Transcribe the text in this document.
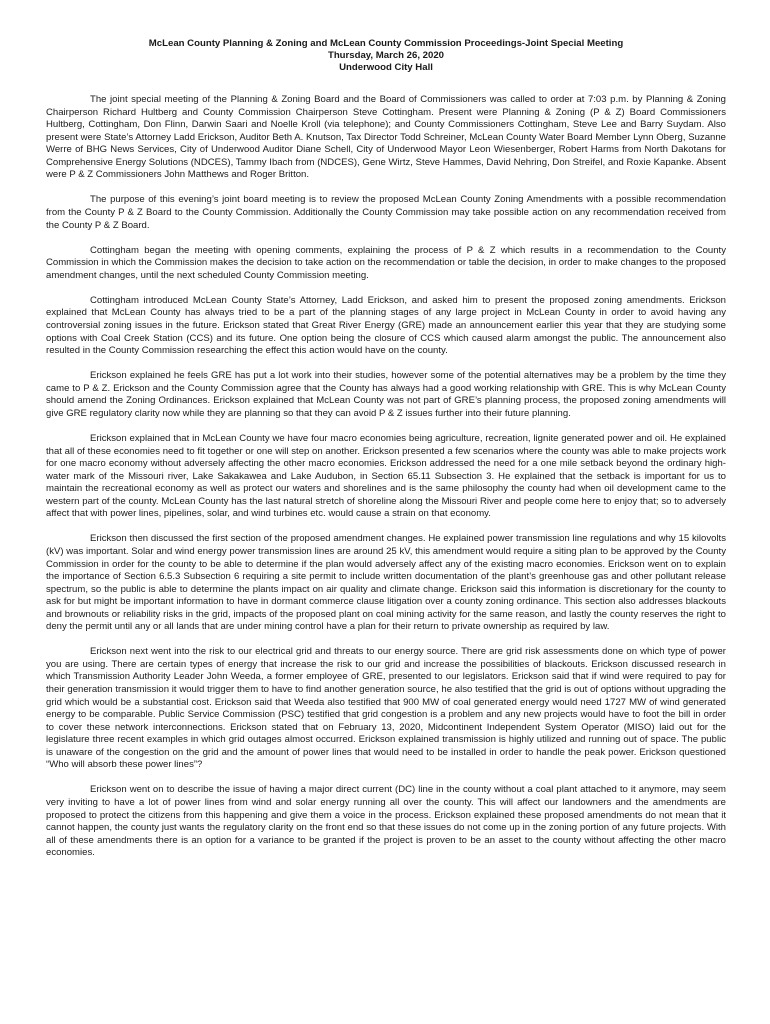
McLean County Planning & Zoning and McLean County Commission Proceedings-Joint Special Meeting
Thursday, March 26, 2020
Underwood City Hall

The joint special meeting of the Planning & Zoning Board and the Board of Commissioners was called to order at 7:03 p.m. by Planning & Zoning Chairperson Richard Hultberg and County Commission Chairperson Steve Cottingham. Present were Planning & Zoning (P & Z) Board Commissioners Hultberg, Cottingham, Don Flinn, Darwin Saari and Noelle Kroll (via telephone); and County Commissioners Cottingham, Steve Lee and Barry Suydam. Also present were State’s Attorney Ladd Erickson, Auditor Beth A. Knutson, Tax Director Todd Schreiner, McLean County Water Board Member Lynn Oberg, Suzanne Werre of BHG News Services, City of Underwood Auditor Diane Schell, City of Underwood Mayor Leon Wiesenberger, Robert Harms from North Dakotans for Comprehensive Energy Solutions (NDCES), Tammy Ibach from (NDCES), Gene Wirtz, Steve Hammes, David Nehring, Don Streifel, and Roxie Kapanke. Absent were P & Z Commissioners John Matthews and Roger Britton.

The purpose of this evening’s joint board meeting is to review the proposed McLean County Zoning Amendments with a possible recommendation from the County P & Z Board to the County Commission. Additionally the County Commission may take possible action on any recommendation received from the County P & Z Board.

Cottingham began the meeting with opening comments, explaining the process of P & Z which results in a recommendation to the County Commission in which the Commission makes the decision to take action on the recommendation or table the decision, in order to make changes to the proposed amendment changes, until the next scheduled County Commission meeting.

Cottingham introduced McLean County State’s Attorney, Ladd Erickson, and asked him to present the proposed zoning amendments. Erickson explained that McLean County has always tried to be a part of the planning stages of any large project in McLean County in order to avoid having any controversial zoning issues in the future. Erickson stated that Great River Energy (GRE) made an announcement earlier this year that they are studying some options with Coal Creek Station (CCS) and its future. One option being the closure of CCS which caused alarm amongst the public. The announcement also resulted in the County Commission researching the effect this action would have on the county.

Erickson explained he feels GRE has put a lot work into their studies, however some of the potential alternatives may be a problem by the time they came to P & Z. Erickson and the County Commission agree that the County has always had a good working relationship with GRE. This is why McLean County should amend the Zoning Ordinances. Erickson explained that McLean County was not part of GRE’s planning process, the proposed zoning amendments will give GRE regulatory clarity now while they are planning so that they can avoid P & Z issues further into their future planning.

Erickson explained that in McLean County we have four macro economies being agriculture, recreation, lignite generated power and oil. He explained that all of these economies need to fit together or one will step on another. Erickson presented a few scenarios where the county was able to make projects work for one macro economy without adversely affecting the other macro economies. Erickson addressed the need for a one mile setback beyond the ordinary high-water mark of the Missouri river, Lake Sakakawea and Lake Audubon, in Section 65.11 Subsection 3. He explained that the setback is important for us to maintain the recreational economy as well as protect our waters and shorelines and is the same philosophy the county had when oil development came to the western part of the county. McLean County has the last natural stretch of shoreline along the Missouri River and people come here to enjoy that; so to adversely affect that with power lines, pipelines, solar, and wind turbines etc. would cause a strain on that economy.

Erickson then discussed the first section of the proposed amendment changes. He explained power transmission line regulations and why 15 kilovolts (kV) was important. Solar and wind energy power transmission lines are around 25 kV, this amendment would require a siting plan to be approved by the County Commission in order for the county to be able to determine if the plan would adversely affect any of the existing macro economies. Erickson went on to explain the importance of Section 6.5.3 Subsection 6 requiring a site permit to include written documentation of the plant’s greenhouse gas and other pollutant release spectrum, so the public is able to determine the plants impact on air quality and climate change. Erickson said this information is discretionary for the county to ask for but might be important information to have in dormant commerce clause litigation over a county zoning ordinance. This section also addresses blackouts and brownouts or reliability risks in the grid, impacts of the proposed plant on coal mining activity for the same reason, and lastly the county reserves the right to deny the permit until any or all lands that are under mining control have a plan for their return to private ownership as required by law.

Erickson next went into the risk to our electrical grid and threats to our energy source. There are grid risk assessments done on which type of power you are using. There are certain types of energy that increase the risk to our grid and increase the possibilities of blackouts. Erickson discussed research in which Transmission Authority Leader John Weeda, a former employee of GRE, presented to our legislators. Erickson said that if wind were required to pay for their generation transmission it would trigger them to have to find another generation source, he also testified that the grid is out of options without upgrading the grid which would be a substantial cost. Erickson said that Weeda also testified that 900 MW of coal generated energy would need 1727 MW of wind generated energy to be comparable. Public Service Commission (PSC) testified that grid congestion is a problem and any new projects would have to foot the bill in order to cover these network interconnections. Erickson stated that on February 13, 2020, Midcontinent Independent System Operator (MISO) laid out for the legislature three recent examples in which grid outages almost occurred. Erickson explained transmission is highly utilized and running out of space. The public is unaware of the congestion on the grid and the amount of power lines that would need to be installed in order to handle the peak power. Erickson questioned “Who will absorb these power lines”?

Erickson went on to describe the issue of having a major direct current (DC) line in the county without a coal plant attached to it anymore, may seem very inviting to have a lot of power lines from wind and solar energy running all over the county. This will affect our landowners and the amendments are proposed to protect the citizens from this happening and give them a voice in the process. Erickson explained these proposed amendments do not mean that it cannot happen, the county just wants the regulatory clarity on the front end so that these issues do not come up in the zoning portion of any future projects. With all of these amendments there is an option for a variance to be granted if the project is proven to be an asset to the county without affecting the other macro economies.
